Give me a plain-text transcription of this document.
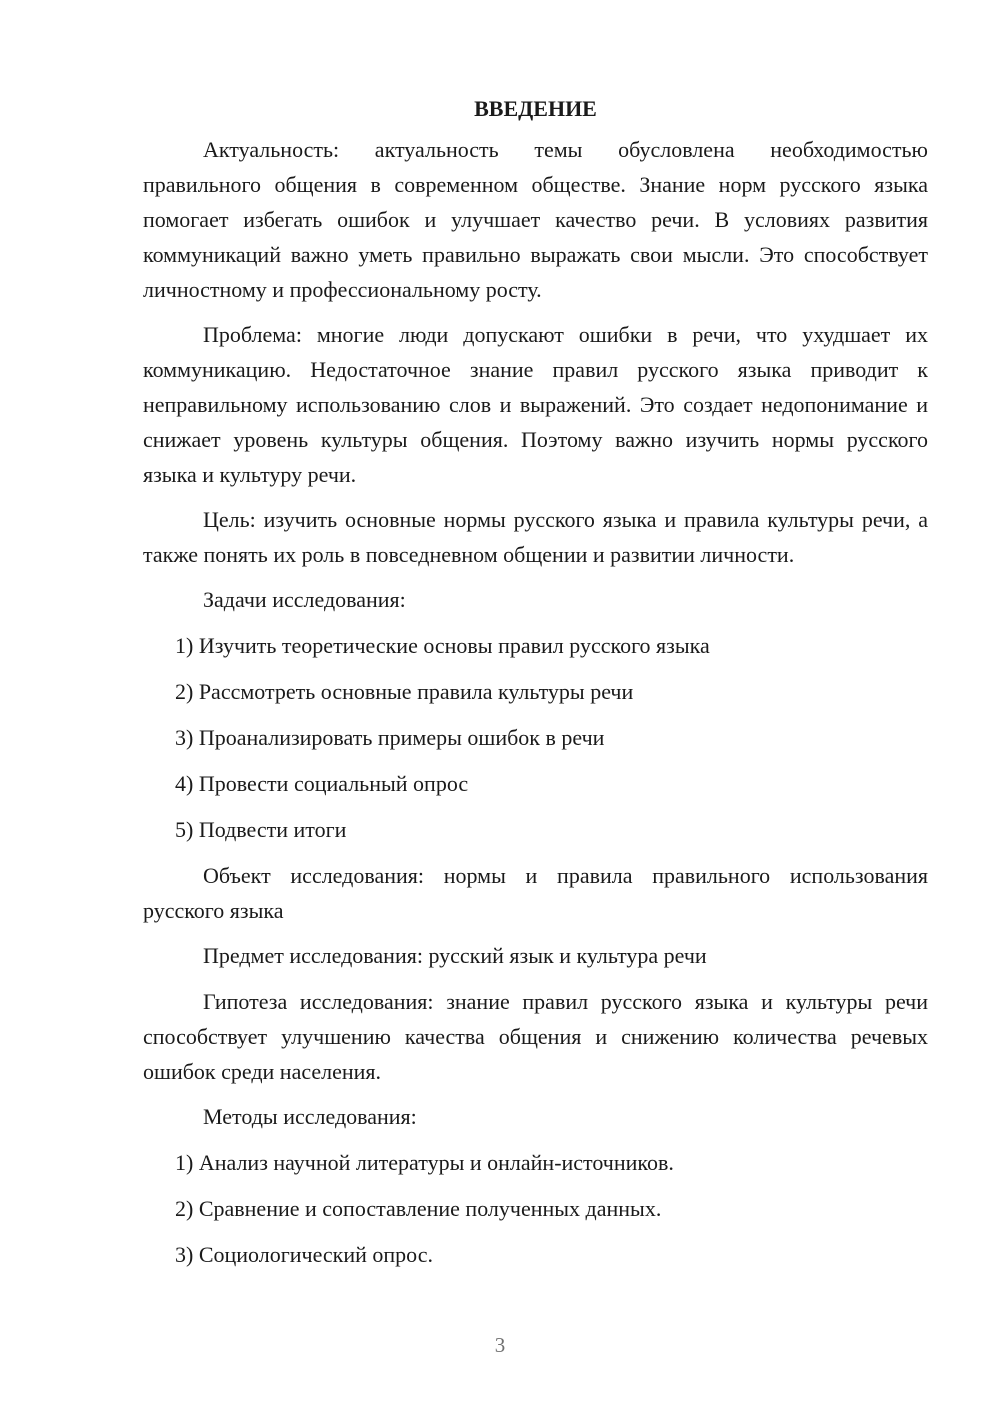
ВВЕДЕНИЕ

Актуальность: актуальность темы обусловлена необходимостью правильного общения в современном обществе. Знание норм русского языка помогает избегать ошибок и улучшает качество речи. В условиях развития коммуникаций важно уметь правильно выражать свои мысли. Это способствует личностному и профессиональному росту.

Проблема: многие люди допускают ошибки в речи, что ухудшает их коммуникацию. Недостаточное знание правил русского языка приводит к неправильному использованию слов и выражений. Это создает недопонимание и снижает уровень культуры общения. Поэтому важно изучить нормы русского языка и культуру речи.

Цель: изучить основные нормы русского языка и правила культуры речи, а также понять их роль в повседневном общении и развитии личности.

Задачи исследования:
1) Изучить теоретические основы правил русского языка
2) Рассмотреть основные правила культуры речи
3) Проанализировать примеры ошибок в речи
4) Провести социальный опрос
5) Подвести итоги

Объект исследования: нормы и правила правильного использования русского языка

Предмет исследования: русский язык и культура речи

Гипотеза исследования: знание правил русского языка и культуры речи способствует улучшению качества общения и снижению количества речевых ошибок среди населения.

Методы исследования:
1) Анализ научной литературы и онлайн-источников.
2) Сравнение и сопоставление полученных данных.
3) Социологический опрос.
3
